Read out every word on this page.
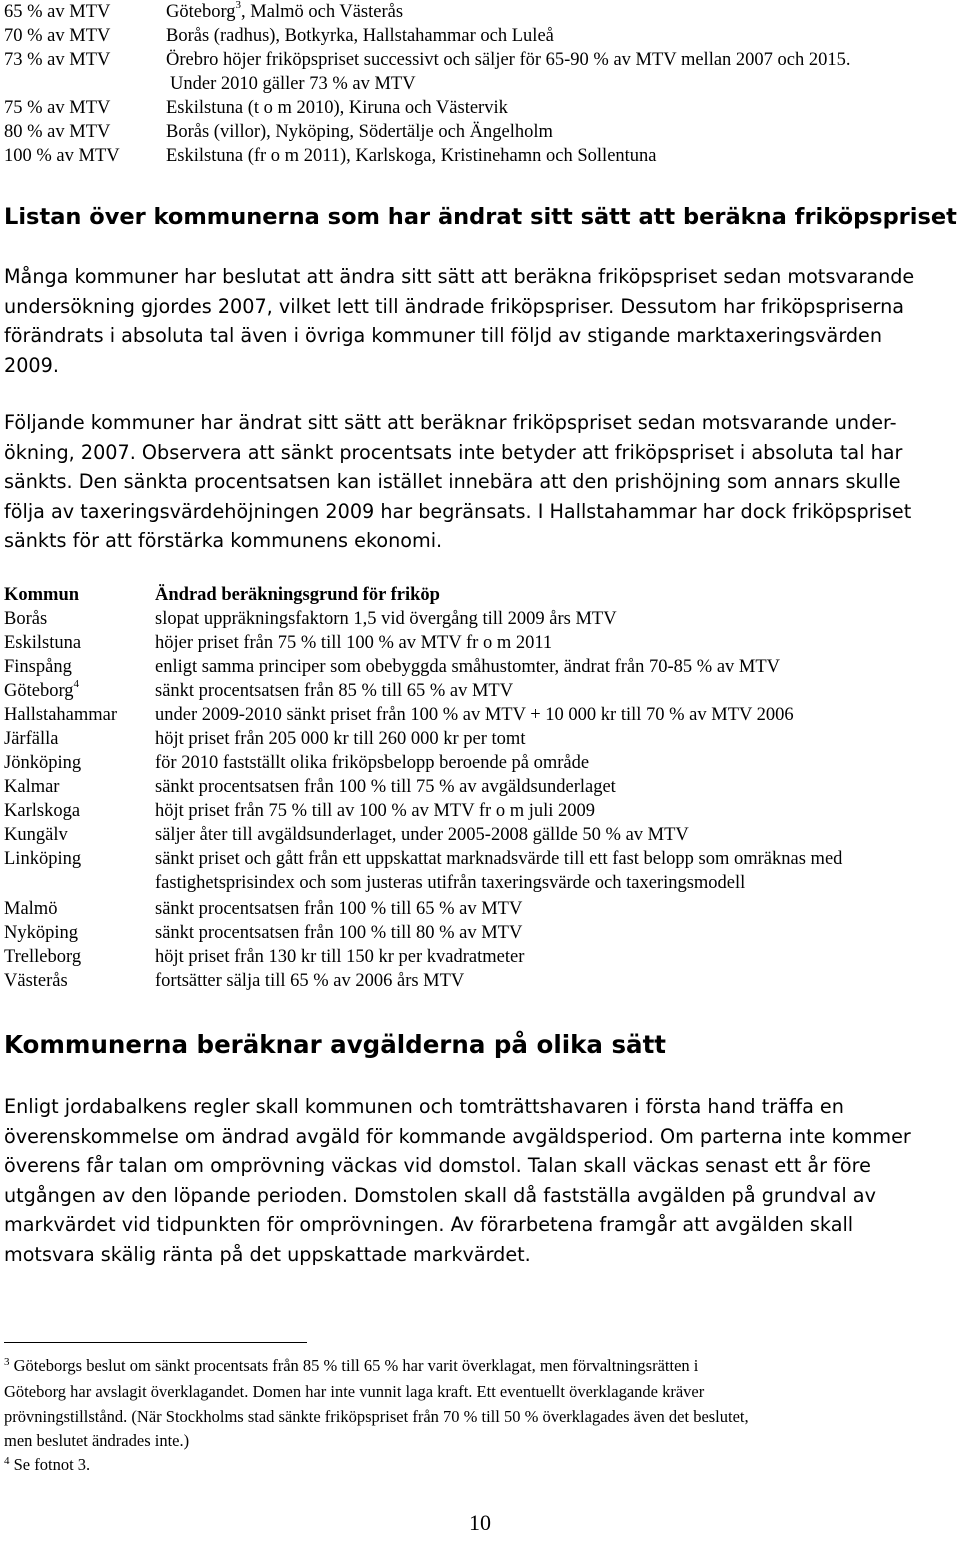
65 % av MTV	Göteborg$^3$, Malmö och Västerås
70 % av MTV	Borås (radhus), Botkyrka, Hallstahammar och Luleå
73 % av MTV	Örebro höjer friköpspriset successivt och säljer för 65-90 % av MTV mellan 2007 och 2015.
Under 2010 gäller 73 % av MTV
75 % av MTV	Eskilstuna (t o m 2010), Kiruna och Västervik
80 % av MTV	Borås (villor), Nyköping, Södertälje och Ängelholm
100 % av MTV	Eskilstuna (fr o m 2011), Karlskoga, Kristinehamn och Sollentuna
Listan över kommunerna som har ändrat sitt sätt att beräkna friköpspriset
Många kommuner har beslutat att ändra sitt sätt att beräkna friköpspriset sedan motsvarande
undersökning gjordes 2007, vilket lett till ändrade friköpspriser. Dessutom har friköpspriserna
förändrats i absoluta tal även i övriga kommuner till följd av stigande marktaxeringsvärden
2009.
Följande kommuner har ändrat sitt sätt att beräknar friköpspriset sedan motsvarande under-
ökning, 2007. Observera att sänkt procentsats inte betyder att friköpspriset i absoluta tal har
sänkts. Den sänkta procentsatsen kan istället innebära att den prishöjning som annars skulle
följa av taxeringsvärdehöjningen 2009 har begränsats. I Hallstahammar har dock friköpspriset
sänkts för att förstärka kommunens ekonomi.
Kommun	Ändrad beräkningsgrund för friköp
Borås	slopat uppräkningsfaktorn 1,5 vid övergång till 2009 års MTV
Eskilstuna	höjer priset från 75 % till 100 % av MTV fr o m 2011
Finspång	enligt samma principer som obebyggda småhustomter, ändrat från 70-85 % av MTV
Göteborg$^4$	sänkt procentsatsen från 85 % till 65 % av MTV
Hallstahammar under 2009-2010 sänkt priset från 100 % av MTV + 10 000 kr till 70 % av MTV 2006
Järfälla	höjt priset från 205 000 kr till 260 000 kr per tomt
Jönköping	för 2010 fastställt olika friköpsbelopp beroende på område
Kalmar	sänkt procentsatsen från 100 % till 75 % av avgäldsunderlaget
Karlskoga	höjt priset från 75 % till av 100 % av MTV fr o m juli 2009
Kungälv	säljer åter till avgäldsunderlaget, under 2005-2008 gällde 50 % av MTV
Linköping	sänkt priset och gått från ett uppskattat marknadsvärde till ett fast belopp som omräknas med
fastighetsprisindex och som justeras utifrån taxeringsvärde och taxeringsmodell
Malmö	sänkt procentsatsen från 100 % till 65 % av MTV
Nyköping	sänkt procentsatsen från 100 % till 80 % av MTV
Trelleborg	höjt priset från 130 kr till 150 kr per kvadratmeter
Västerås	fortsätter sälja till 65 % av 2006 års MTV
Kommunerna beräknar avgälderna på olika sätt
Enligt jordabalkens regler skall kommunen och tomträttshavaren i första hand träffa en
överenskommelse om ändrad avgäld för kommande avgäldsperiod. Om parterna inte kommer
överens får talan om omprövning väckas vid domstol. Talan skall väckas senast ett år före
utgången av den löpande perioden. Domstolen skall då fastställa avgälden på grundval av
markvärdet vid tidpunkten för omprövningen. Av förarbetena framgår att avgälden skall
motsvara skälig ränta på det uppskattade markvärdet.
$^3$ Göteborgs beslut om sänkt procentsats från 85 % till 65 % har varit överklagat, men förvaltningsrätten i
Göteborg har avslagit överklagandet. Domen har inte vunnit laga kraft. Ett eventuellt överklagande kräver
prövningstillstånd. (När Stockholms stad sänkte friköpspriset från 70 % till 50 % överklagades även det beslutet,
men beslutet ändrades inte.)
$^4$ Se fotnot 3.
10
